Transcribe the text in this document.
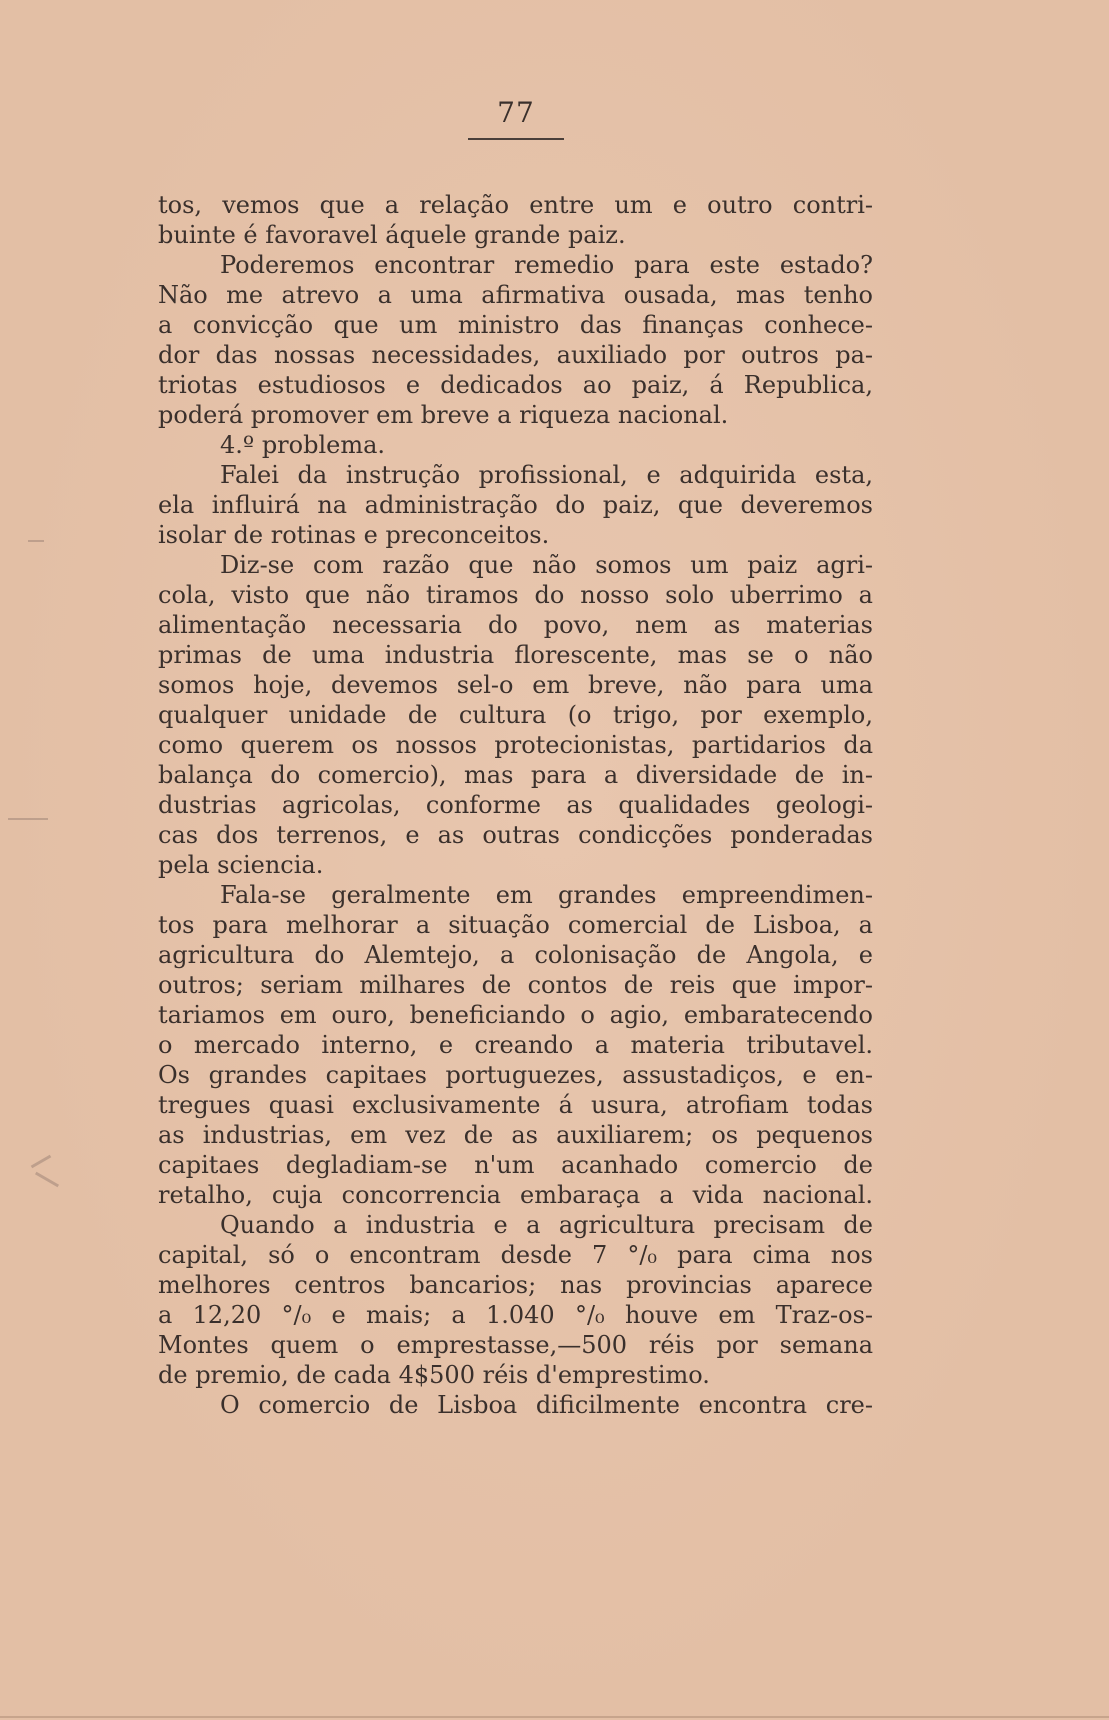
77
tos, vemos que a relação entre um e outro contri-
buinte é favoravel áquele grande paiz.
Poderemos encontrar remedio para este estado?
Não me atrevo a uma afirmativa ousada, mas tenho
a convicção que um ministro das finanças conhece-
dor das nossas necessidades, auxiliado por outros pa-
triotas estudiosos e dedicados ao paiz, á Republica,
poderá promover em breve a riqueza nacional.
4.º problema.
Falei da instrução profissional, e adquirida esta,
ela influirá na administração do paiz, que deveremos
isolar de rotinas e preconceitos.
Diz-se com razão que não somos um paiz agri-
cola, visto que não tiramos do nosso solo uberrimo a
alimentação necessaria do povo, nem as materias
primas de uma industria florescente, mas se o não
somos hoje, devemos sel-o em breve, não para uma
qualquer unidade de cultura (o trigo, por exemplo,
como querem os nossos protecionistas, partidarios da
balança do comercio), mas para a diversidade de in-
dustrias agricolas, conforme as qualidades geologi-
cas dos terrenos, e as outras condicções ponderadas
pela sciencia.
Fala-se geralmente em grandes empreendimen-
tos para melhorar a situação comercial de Lisboa, a
agricultura do Alemtejo, a colonisação de Angola, e
outros; seriam milhares de contos de reis que impor-
tariamos em ouro, beneficiando o agio, embaratecendo
o mercado interno, e creando a materia tributavel.
Os grandes capitaes portuguezes, assustadiços, e en-
tregues quasi exclusivamente á usura, atrofiam todas
as industrias, em vez de as auxiliarem; os pequenos
capitaes degladiam-se n'um acanhado comercio de
retalho, cuja concorrencia embaraça a vida nacional.
Quando a industria e a agricultura precisam de
capital, só o encontram desde 7 °/₀ para cima nos
melhores centros bancarios; nas provincias aparece
a 12,20 °/₀ e mais; a 1.040 °/₀ houve em Traz-os-
Montes quem o emprestasse,—500 réis por semana
de premio, de cada 4$500 réis d'emprestimo.
O comercio de Lisboa dificilmente encontra cre-
